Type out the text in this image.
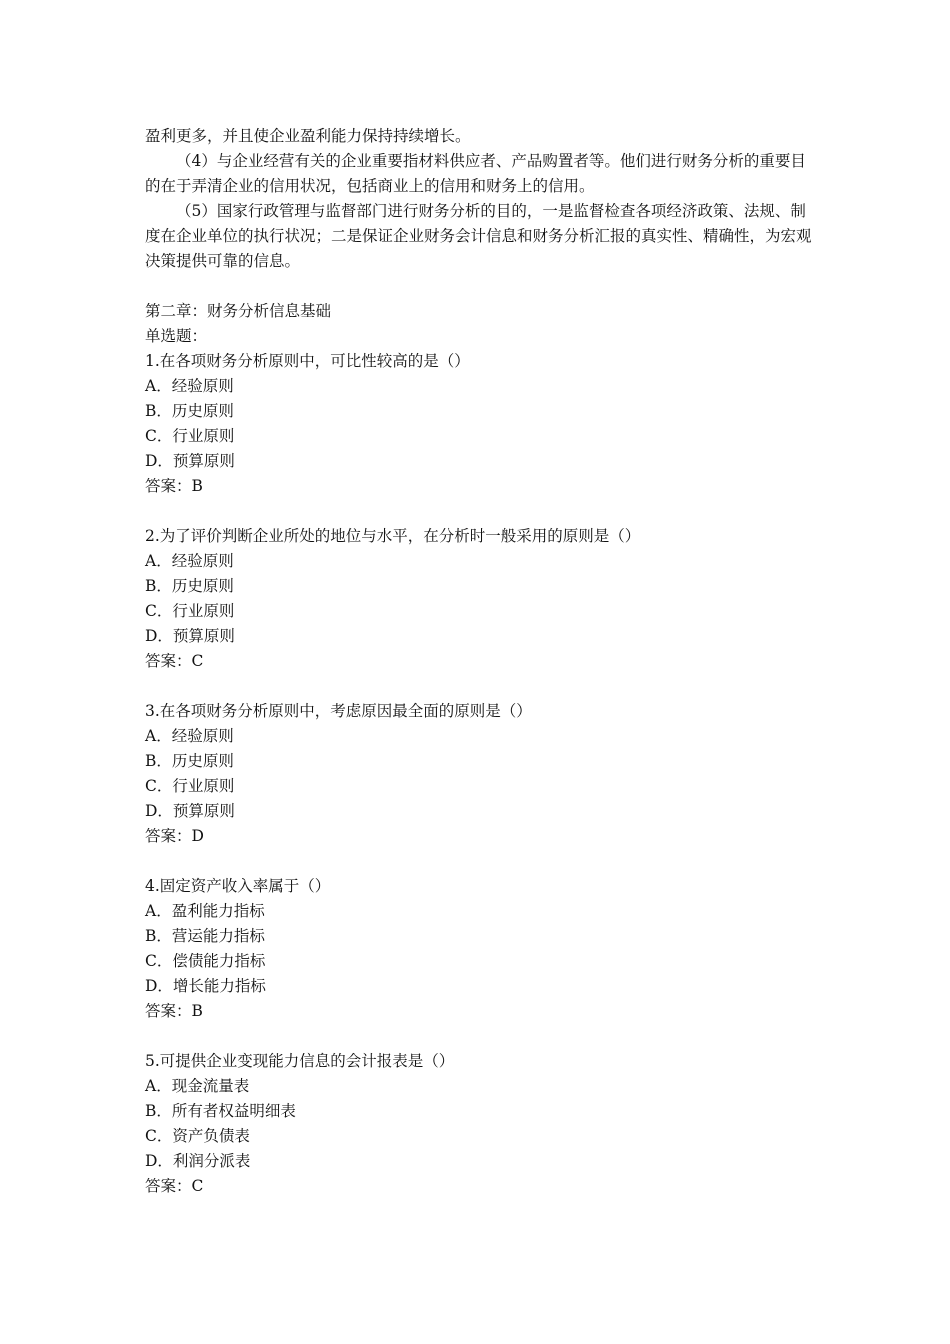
盈利更多，并且使企业盈利能力保持持续增长。

（4）与企业经营有关的企业重要指材料供应者、产品购置者等。他们进行财务分析的重要目的在于弄清企业的信用状况，包括商业上的信用和财务上的信用。

（5）国家行政管理与监督部门进行财务分析的目的，一是监督检查各项经济政策、法规、制度在企业单位的执行状况；二是保证企业财务会计信息和财务分析汇报的真实性、精确性，为宏观决策提供可靠的信息。

第二章：财务分析信息基础

单选题：

1.在各项财务分析原则中，可比性较高的是（）

A．经验原则

B．历史原则

C．行业原则

D．预算原则

答案：B

2.为了评价判断企业所处的地位与水平，在分析时一般采用的原则是（）

A．经验原则

B．历史原则

C．行业原则

D．预算原则

答案：C

3.在各项财务分析原则中，考虑原因最全面的原则是（）

A．经验原则

B．历史原则

C．行业原则

D．预算原则

答案：D

4.固定资产收入率属于（）

A．盈利能力指标

B．营运能力指标

C．偿债能力指标

D．增长能力指标

答案：B

5.可提供企业变现能力信息的会计报表是（）

A．现金流量表

B．所有者权益明细表

C．资产负债表

D．利润分派表

答案：C
